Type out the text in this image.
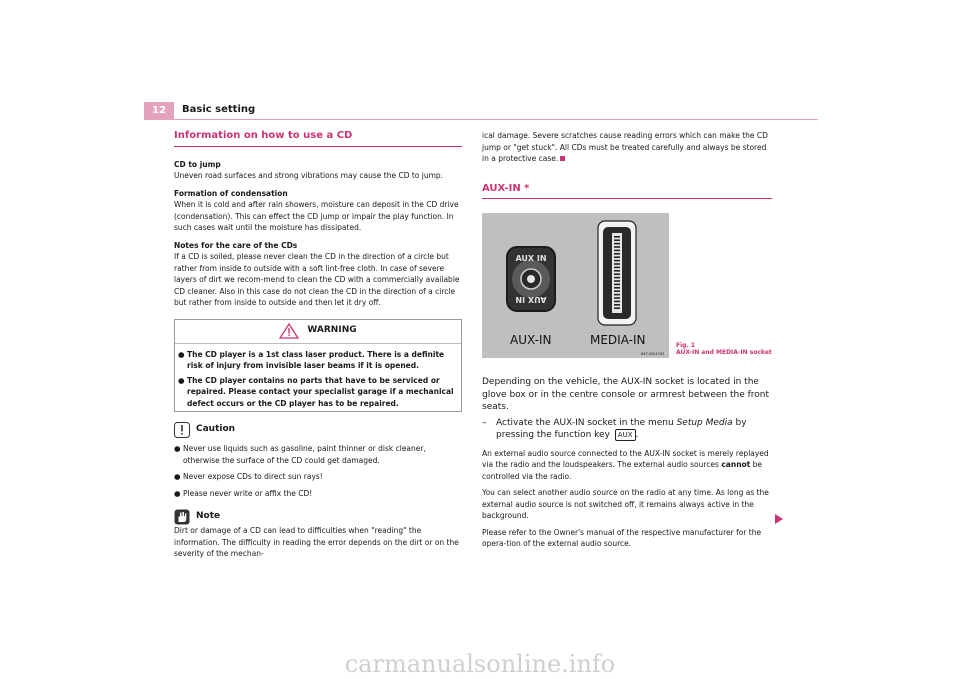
12	Basic setting
Information on how to use a CD
CD to jump

Uneven road surfaces and strong vibrations may cause the CD to jump.

Formation of condensation

When it is cold and after rain showers, moisture can deposit in the CD drive (condensation). This can effect the CD jump or impair the play function. In such cases wait until the moisture has dissipated.

Notes for the care of the CDs

If a CD is soiled, please never clean the CD in the direction of a circle but rather from inside to outside with a soft lint-free cloth. In case of severe layers of dirt we recom-mend to clean the CD with a commercially available CD cleaner. Also in this case do not clean the CD in the direction of a circle but rather from inside to outside and then let it dry off.

WARNING
● The CD player is a 1st class laser product. There is a definite risk of injury from invisible laser beams if it is opened.
● The CD player contains no parts that have to be serviced or repaired. Please contact your specialist garage if a mechanical defect occurs or the CD player has to be repaired.
Caution
● Never use liquids such as gasoline, paint thinner or disk cleaner, otherwise the surface of the CD could get damaged.
● Never expose CDs to direct sun rays!
● Please never write or affix the CD!
Note

Dirt or damage of a CD can lead to difficulties when "reading" the information. The difficulty in reading the error depends on the dirt or on the severity of the mechan-

ical damage. Severe scratches cause reading errors which can make the CD jump or "get stuck". All CDs must be treated carefully and always be stored in a protective case.

AUX-IN *
AUX IN
AUX IN
AUX-IN	MEDIA-IN
B4T-0004763
Fig. 1
AUX-IN and MEDIA-IN socket

Depending on the vehicle, the AUX-IN socket is located in the glove box or in the centre console or armrest between the front seats.

–	Activate the AUX-IN socket in the menu Setup Media by pressing the function key AUX .

An external audio source connected to the AUX-IN socket is merely replayed via the radio and the loudspeakers. The external audio sources cannot be controlled via the radio.

You can select another audio source on the radio at any time. As long as the external audio source is not switched off, it remains always active in the background.

Please refer to the Owner's manual of the respective manufacturer for the opera-tion of the external audio source.

carmanualsonline.info
